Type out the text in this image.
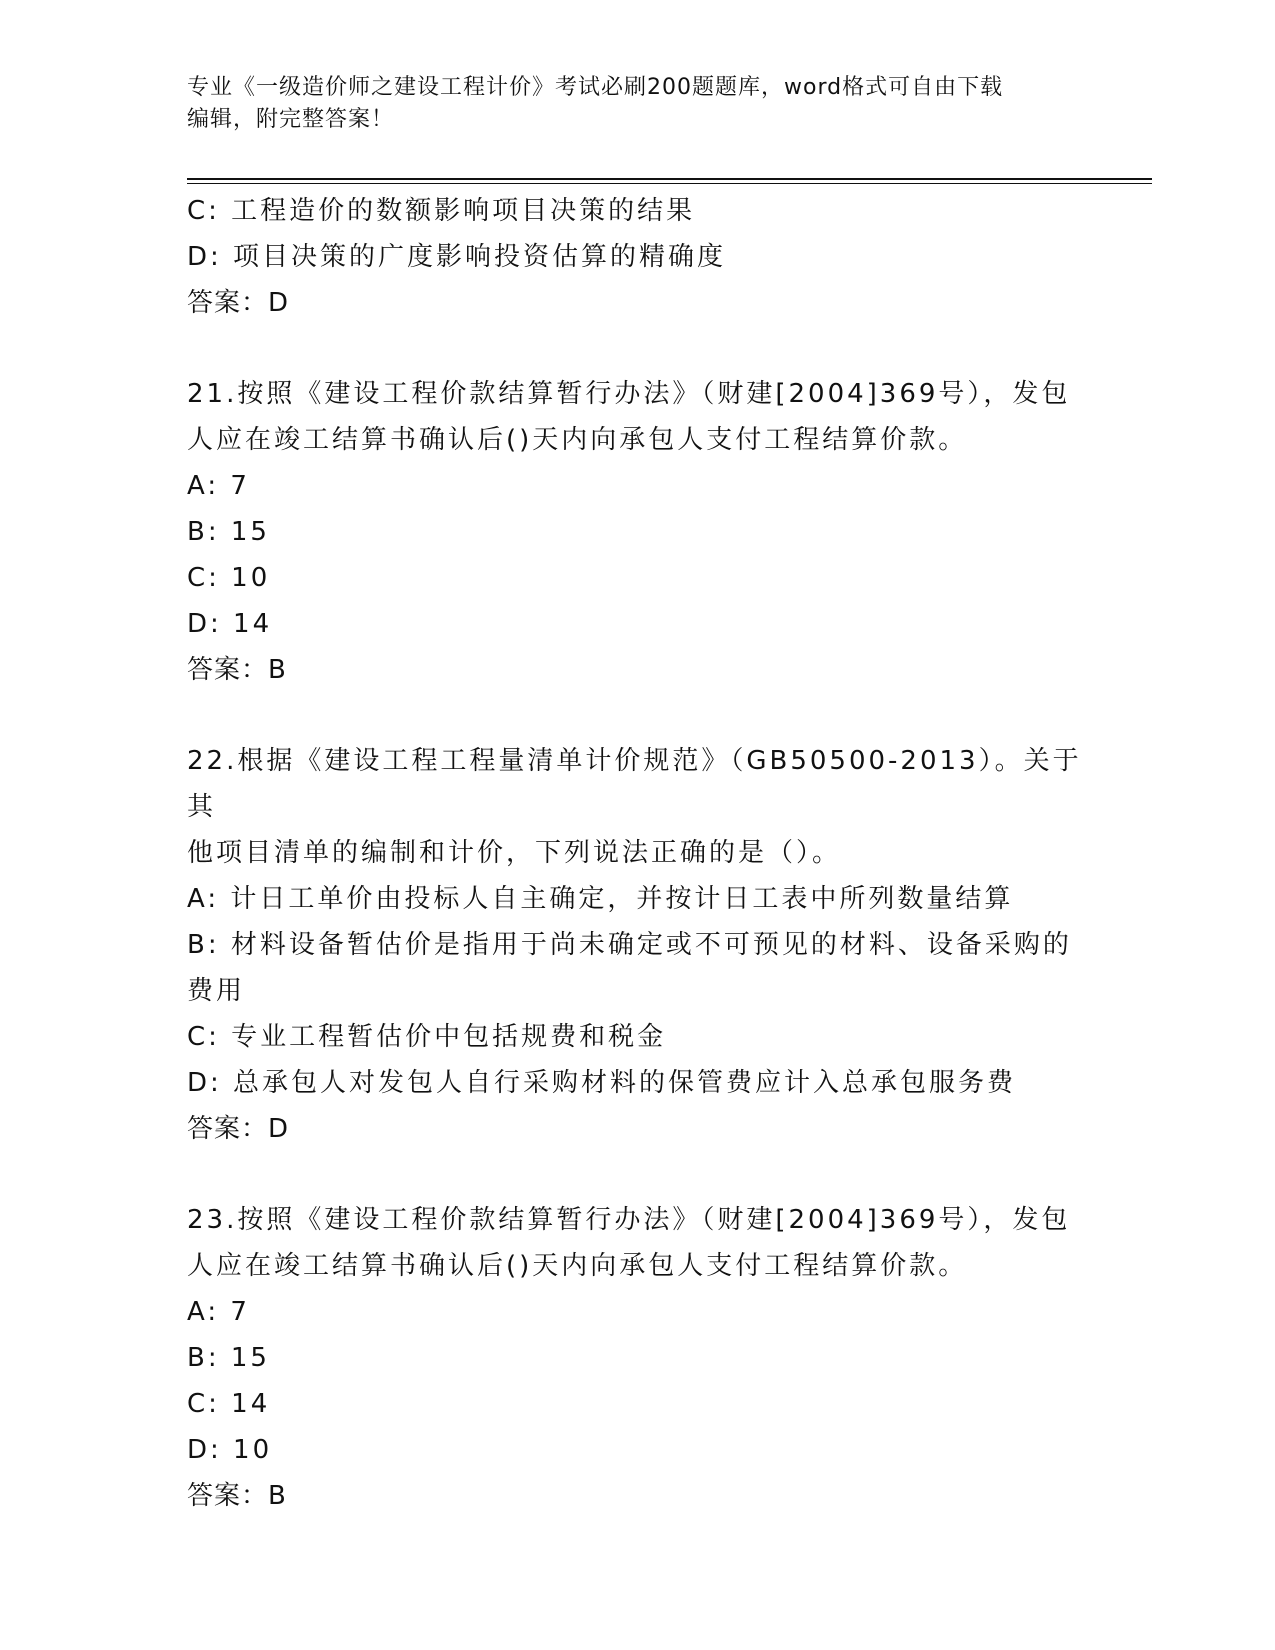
专业《一级造价师之建设工程计价》考试必刷200题题库，word格式可自由下载
编辑，附完整答案！

C: 工程造价的数额影响项目决策的结果

D: 项目决策的广度影响投资估算的精确度

答案：D

21.按照《建设工程价款结算暂行办法》（财建[2004]369号），发包

人应在竣工结算书确认后()天内向承包人支付工程结算价款。

A: 7

B: 15

C: 10

D: 14

答案：B

22.根据《建设工程工程量清单计价规范》（GB50500-2013）。关于其

他项目清单的编制和计价，下列说法正确的是（）。

A: 计日工单价由投标人自主确定，并按计日工表中所列数量结算

B: 材料设备暂估价是指用于尚未确定或不可预见的材料、设备采购的

费用

C: 专业工程暂估价中包括规费和税金

D: 总承包人对发包人自行采购材料的保管费应计入总承包服务费

答案：D

23.按照《建设工程价款结算暂行办法》（财建[2004]369号），发包

人应在竣工结算书确认后()天内向承包人支付工程结算价款。

A: 7

B: 15

C: 14

D: 10

答案：B
